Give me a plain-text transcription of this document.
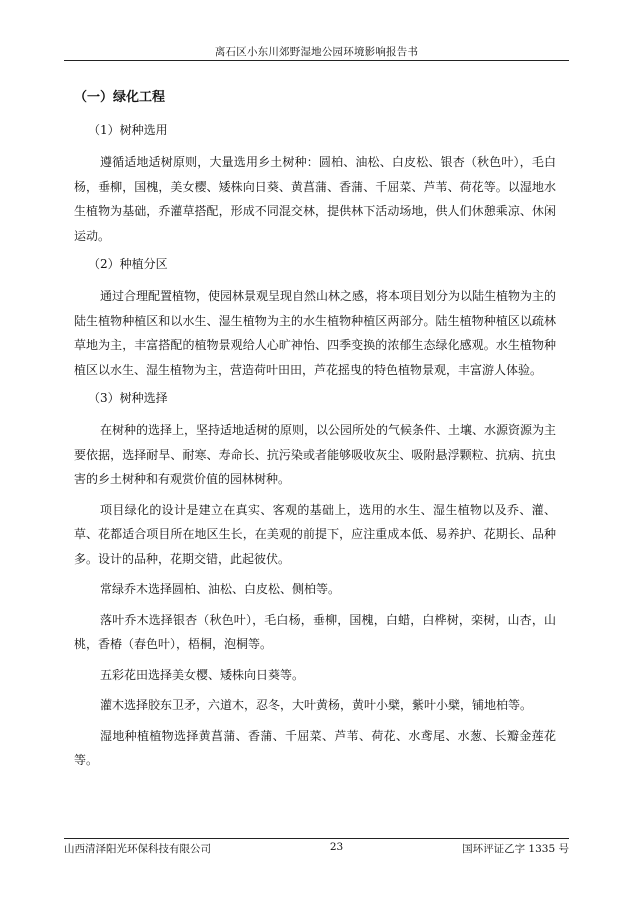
离石区小东川郊野湿地公园环境影响报告书
（一）绿化工程
（1）树种选用

遵循适地适树原则，大量选用乡土树种：圆柏、油松、白皮松、银杏（秋色叶），毛白杨，垂柳，国槐，美女樱、矮株向日葵、黄菖蒲、香蒲、千屈菜、芦苇、荷花等。以湿地水生植物为基础，乔灌草搭配，形成不同混交林，提供林下活动场地，供人们休憩乘凉、休闲运动。

（2）种植分区

通过合理配置植物，使园林景观呈现自然山林之感，将本项目划分为以陆生植物为主的陆生植物种植区和以水生、湿生植物为主的水生植物种植区两部分。陆生植物种植区以疏林草地为主，丰富搭配的植物景观给人心旷神怡、四季变换的浓郁生态绿化感观。水生植物种植区以水生、湿生植物为主，营造荷叶田田，芦花摇曳的特色植物景观，丰富游人体验。

（3）树种选择

在树种的选择上，坚持适地适树的原则，以公园所处的气候条件、土壤、水源资源为主要依据，选择耐旱、耐寒、寿命长、抗污染或者能够吸收灰尘、吸附悬浮颗粒、抗病、抗虫害的乡土树种和有观赏价值的园林树种。

项目绿化的设计是建立在真实、客观的基础上，选用的水生、湿生植物以及乔、灌、草、花都适合项目所在地区生长，在美观的前提下，应注重成本低、易养护、花期长、品种多。设计的品种，花期交错，此起彼伏。

常绿乔木选择圆柏、油松、白皮松、侧柏等。

落叶乔木选择银杏（秋色叶），毛白杨，垂柳，国槐，白蜡，白桦树，栾树，山杏，山桃，香椿（春色叶），梧桐，泡桐等。

五彩花田选择美女樱、矮株向日葵等。

灌木选择胶东卫矛，六道木，忍冬，大叶黄杨，黄叶小檗，紫叶小檗，铺地柏等。

湿地种植植物选择黄菖蒲、香蒲、千屈菜、芦苇、荷花、水鸢尾、水葱、长瓣金莲花等。

山西清泽阳光环保科技有限公司	23	国环评证乙字 1335 号
